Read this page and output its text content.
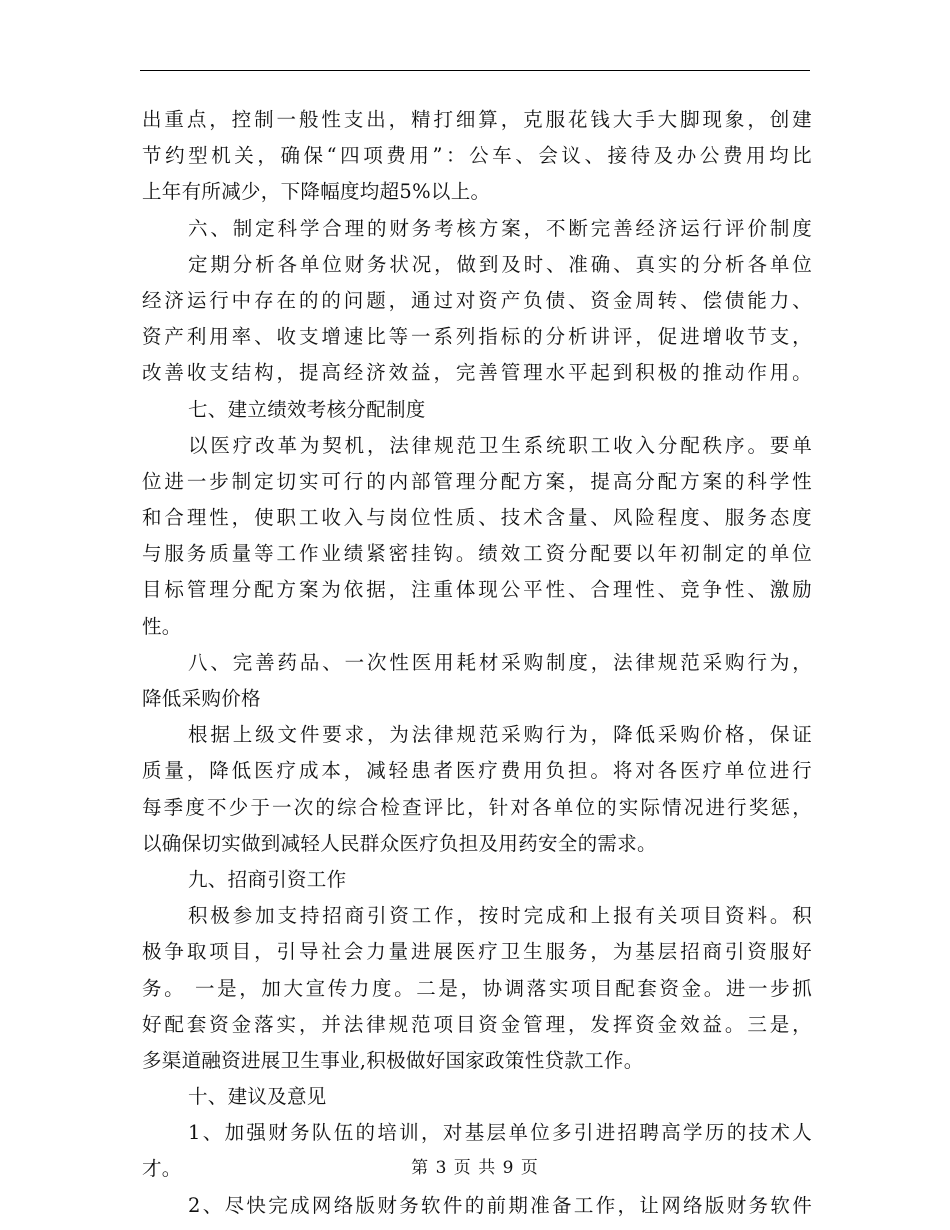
出重点，控制一般性支出，精打细算，克服花钱大手大脚现象，创建
节约型机关，确保“四项费用”：公车、会议、接待及办公费用均比
上年有所减少，下降幅度均超5%以上。
六、制定科学合理的财务考核方案，不断完善经济运行评价制度
定期分析各单位财务状况，做到及时、准确、真实的分析各单位
经济运行中存在的的问题，通过对资产负债、资金周转、偿债能力、
资产利用率、收支增速比等一系列指标的分析讲评，促进增收节支，
改善收支结构，提高经济效益，完善管理水平起到积极的推动作用。
七、建立绩效考核分配制度
以医疗改革为契机，法律规范卫生系统职工收入分配秩序。要单
位进一步制定切实可行的内部管理分配方案，提高分配方案的科学性
和合理性，使职工收入与岗位性质、技术含量、风险程度、服务态度
与服务质量等工作业绩紧密挂钩。绩效工资分配要以年初制定的单位
目标管理分配方案为依据，注重体现公平性、合理性、竞争性、激励
性。
八、完善药品、一次性医用耗材采购制度，法律规范采购行为，
降低采购价格
根据上级文件要求，为法律规范采购行为，降低采购价格，保证
质量，降低医疗成本，减轻患者医疗费用负担。将对各医疗单位进行
每季度不少于一次的综合检查评比，针对各单位的实际情况进行奖惩，
以确保切实做到减轻人民群众医疗负担及用药安全的需求。
九、招商引资工作
积极参加支持招商引资工作，按时完成和上报有关项目资料。积
极争取项目，引导社会力量进展医疗卫生服务，为基层招商引资服好
务。 一是，加大宣传力度。二是，协调落实项目配套资金。进一步抓
好配套资金落实，并法律规范项目资金管理，发挥资金效益。三是，
多渠道融资进展卫生事业,积极做好国家政策性贷款工作。
十、建议及意见
1、加强财务队伍的培训，对基层单位多引进招聘高学历的技术人
才。
2、尽快完成网络版财务软件的前期准备工作，让网络版财务软件
第 3 页 共 9 页
